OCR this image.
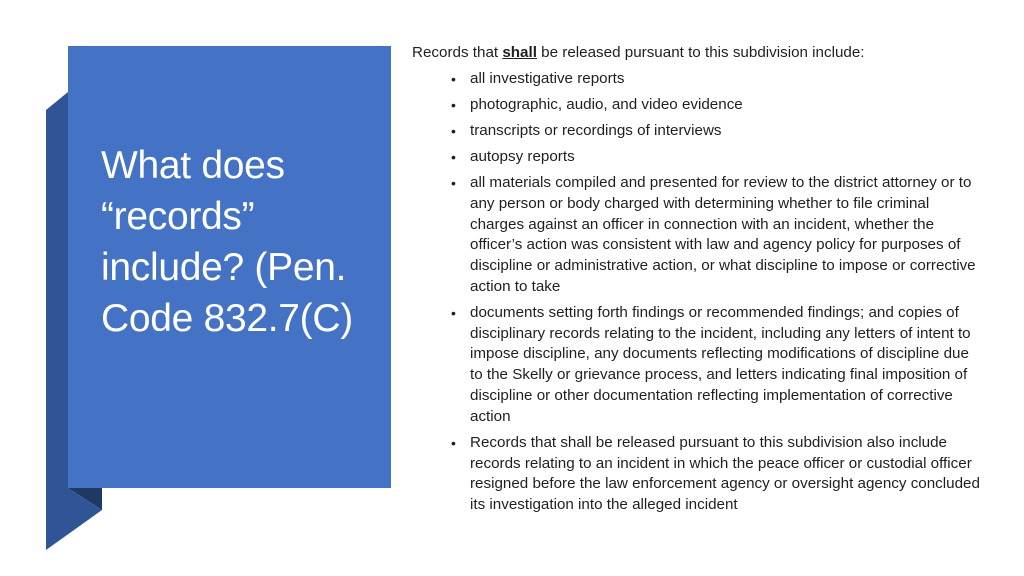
What does “records” include? (Pen. Code 832.7(C)

Records that shall be released pursuant to this subdivision include:

• all investigative reports
• photographic, audio, and video evidence
• transcripts or recordings of interviews
• autopsy reports
• all materials compiled and presented for review to the district attorney or to any person or body charged with determining whether to file criminal charges against an officer in connection with an incident, whether the officer’s action was consistent with law and agency policy for purposes of discipline or administrative action, or what discipline to impose or corrective action to take
• documents setting forth findings or recommended findings; and copies of disciplinary records relating to the incident, including any letters of intent to impose discipline, any documents reflecting modifications of discipline due to the Skelly or grievance process, and letters indicating final imposition of discipline or other documentation reflecting implementation of corrective action
• Records that shall be released pursuant to this subdivision also include records relating to an incident in which the peace officer or custodial officer resigned before the law enforcement agency or oversight agency concluded its investigation into the alleged incident
